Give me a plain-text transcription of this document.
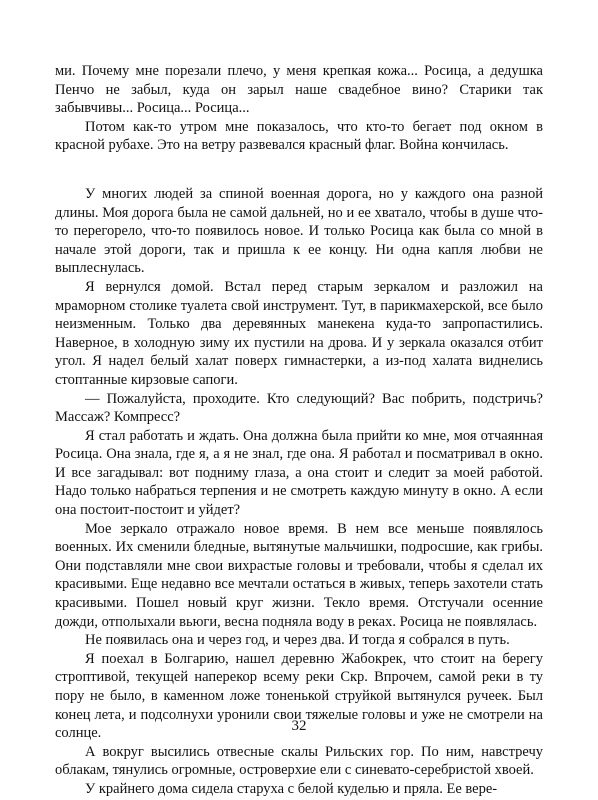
ми. Почему мне порезали плечо, у меня крепкая кожа... Росица, а дедушка Пенчо не забыл, куда он зарыл наше свадебное вино? Старики так забывчивы... Росица... Росица...

Потом как-то утром мне показалось, что кто-то бегает под окном в красной рубахе. Это на ветру развевался красный флаг. Война кончилась.

У многих людей за спиной военная дорога, но у каждого она разной длины. Моя дорога была не самой дальней, но и ее хватало, чтобы в душе что-то перегорело, что-то появилось новое. И только Росица как была со мной в начале этой дороги, так и пришла к ее концу. Ни одна капля любви не выплеснулась.

Я вернулся домой. Встал перед старым зеркалом и разложил на мраморном столике туалета свой инструмент. Тут, в парикмахерской, все было неизменным. Только два деревянных манекена куда-то запропастились. Наверное, в холодную зиму их пустили на дрова. И у зеркала оказался отбит угол. Я надел белый халат поверх гимнастерки, а из-под халата виднелись стоптанные кирзовые сапоги.

— Пожалуйста, проходите. Кто следующий? Вас побрить, подстричь? Массаж? Компресс?

Я стал работать и ждать. Она должна была прийти ко мне, моя отчаянная Росица. Она знала, где я, а я не знал, где она. Я работал и посматривал в окно. И все загадывал: вот подниму глаза, а она стоит и следит за моей работой. Надо только набраться терпения и не смотреть каждую минуту в окно. А если она постоит-постоит и уйдет?

Мое зеркало отражало новое время. В нем все меньше появлялось военных. Их сменили бледные, вытянутые мальчишки, подросшие, как грибы. Они подставляли мне свои вихрастые головы и требовали, чтобы я сделал их красивыми. Еще недавно все мечтали остаться в живых, теперь захотели стать красивыми. Пошел новый круг жизни. Текло время. Отстучали осенние дожди, отполыхали вьюги, весна подняла воду в реках. Росица не появлялась.

Не появилась она и через год, и через два. И тогда я собрался в путь.

Я поехал в Болгарию, нашел деревню Жабокрек, что стоит на берегу строптивой, текущей наперекор всему реки Скр. Впрочем, самой реки в ту пору не было, в каменном ложе тоненькой струйкой вытянулся ручеек. Был конец лета, и подсолнухи уронили свои тяжелые головы и уже не смотрели на солнце.

А вокруг высились отвесные скалы Рильских гор. По ним, навстречу облакам, тянулись огромные, островерхие ели с синевато-серебристой хвоей.

У крайнего дома сидела старуха с белой куделью и пряла. Ее вере-

32
